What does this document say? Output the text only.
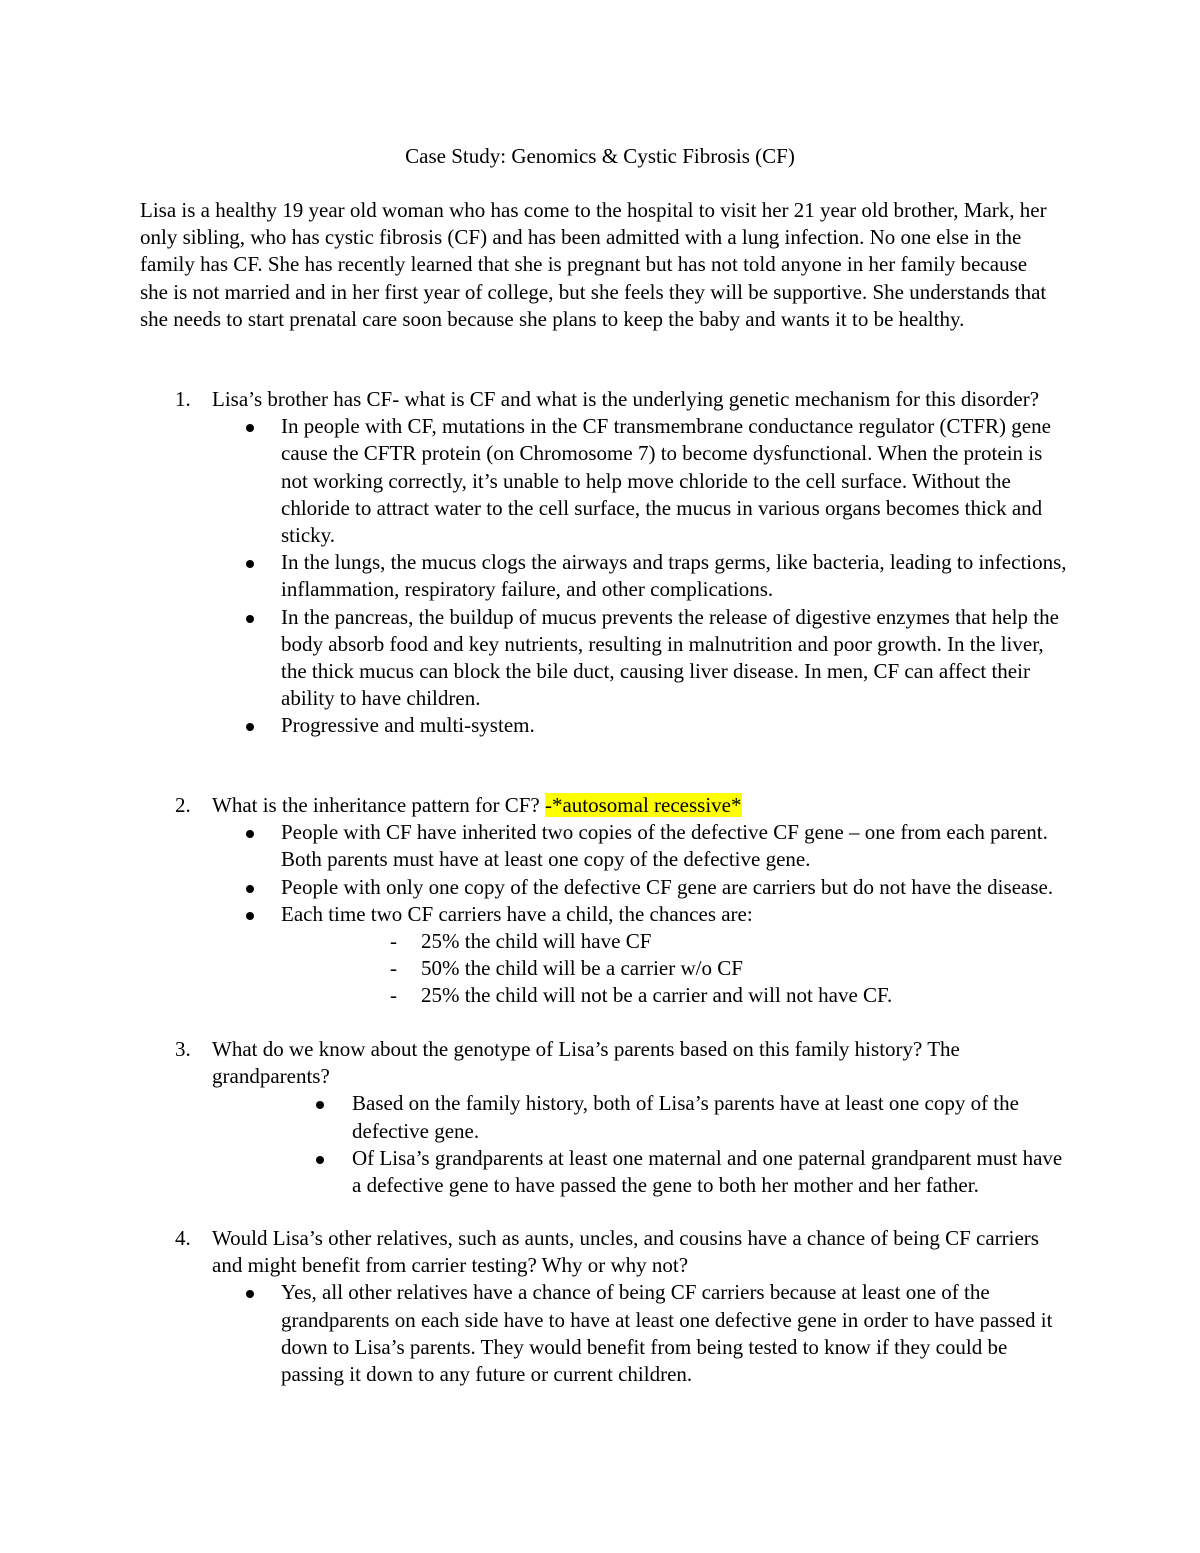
Case Study: Genomics & Cystic Fibrosis (CF)

Lisa is a healthy 19 year old woman who has come to the hospital to visit her 21 year old brother, Mark, her only sibling, who has cystic fibrosis (CF) and has been admitted with a lung infection. No one else in the family has CF. She has recently learned that she is pregnant but has not told anyone in her family because she is not married and in her first year of college, but she feels they will be supportive. She understands that she needs to start prenatal care soon because she plans to keep the baby and wants it to be healthy.

1. Lisa’s brother has CF- what is CF and what is the underlying genetic mechanism for this disorder?
In people with CF, mutations in the CF transmembrane conductance regulator (CTFR) gene cause the CFTR protein (on Chromosome 7) to become dysfunctional. When the protein is not working correctly, it’s unable to help move chloride to the cell surface. Without the chloride to attract water to the cell surface, the mucus in various organs becomes thick and sticky.
In the lungs, the mucus clogs the airways and traps germs, like bacteria, leading to infections, inflammation, respiratory failure, and other complications.
In the pancreas, the buildup of mucus prevents the release of digestive enzymes that help the body absorb food and key nutrients, resulting in malnutrition and poor growth. In the liver, the thick mucus can block the bile duct, causing liver disease. In men, CF can affect their ability to have children.
Progressive and multi-system.
2. What is the inheritance pattern for CF? -*autosomal recessive*
People with CF have inherited two copies of the defective CF gene – one from each parent. Both parents must have at least one copy of the defective gene.
People with only one copy of the defective CF gene are carriers but do not have the disease.
Each time two CF carriers have a child, the chances are:
- 25% the child will have CF
- 50% the child will be a carrier w/o CF
- 25% the child will not be a carrier and will not have CF.
3. What do we know about the genotype of Lisa’s parents based on this family history? The grandparents?
Based on the family history, both of Lisa’s parents have at least one copy of the defective gene.
Of Lisa’s grandparents at least one maternal and one paternal grandparent must have a defective gene to have passed the gene to both her mother and her father.
4. Would Lisa’s other relatives, such as aunts, uncles, and cousins have a chance of being CF carriers and might benefit from carrier testing? Why or why not?
Yes, all other relatives have a chance of being CF carriers because at least one of the grandparents on each side have to have at least one defective gene in order to have passed it down to Lisa’s parents. They would benefit from being tested to know if they could be passing it down to any future or current children.
